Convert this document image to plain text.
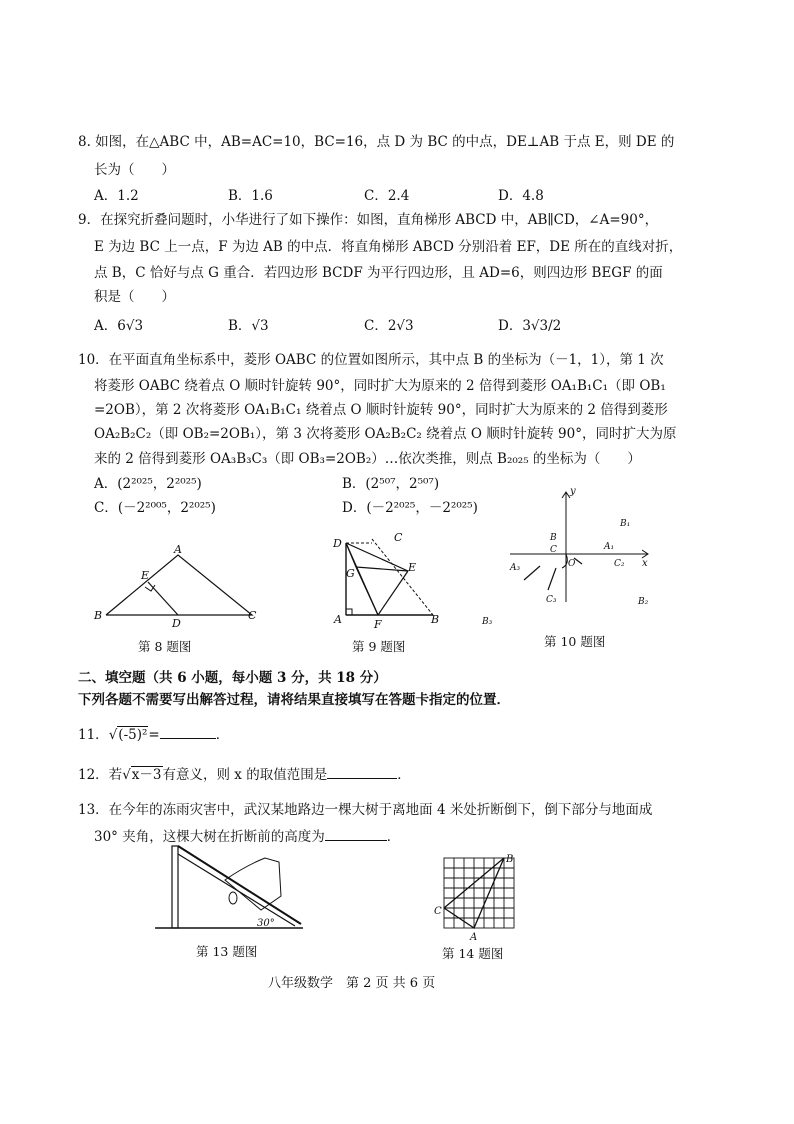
8. 如图，在△ABC 中，AB=AC=10，BC=16，点 D 为 BC 的中点，DE⊥AB 于点 E，则 DE 的
长为（　　）
A．1.2	B．1.6	C．2.4	D．4.8
9．在探究折叠问题时，小华进行了如下操作：如图，直角梯形 ABCD 中，AB∥CD，∠A=90°，
E 为边 BC 上一点，F 为边 AB 的中点．将直角梯形 ABCD 分别沿着 EF，DE 所在的直线对折，
点 B，C 恰好与点 G 重合．若四边形 BCDF 为平行四边形，且 AD=6，则四边形 BEGF 的面
积是（　　）
A．6√3	B．√3	C．2√3	D．3√3/2
10．在平面直角坐标系中，菱形 OABC 的位置如图所示，其中点 B 的坐标为（－1，1），第 1 次
将菱形 OABC 绕着点 O 顺时针旋转 90°，同时扩大为原来的 2 倍得到菱形 OA₁B₁C₁（即 OB₁
=2OB），第 2 次将菱形 OA₁B₁C₁ 绕着点 O 顺时针旋转 90°，同时扩大为原来的 2 倍得到菱形
OA₂B₂C₂（即 OB₂=2OB₁），第 3 次将菱形 OA₂B₂C₂ 绕着点 O 顺时针旋转 90°，同时扩大为原
来的 2 倍得到菱形 OA₃B₃C₃（即 OB₃=2OB₂）…依次类推，则点 B₂₀₂₅ 的坐标为（　　）
A．(2²⁰²⁵，2²⁰²⁵)	B．(2⁵⁰⁷，2⁵⁰⁷)
C．(－2²⁰⁰⁵，2²⁰²⁵)	D．(－2²⁰²⁵，－2²⁰²⁵)
A
B	C
D
E
第 8 题图
A	B
C
D
E
F
G
第 9 题图
y
x
B
C	A₁
B₁
C₂
A₃
C₃	B₂
B₃
O
第 10 题图
二、填空题（共 6 小题，每小题 3 分，共 18 分）
下列各题不需要写出解答过程，请将结果直接填写在答题卡指定的位置．
11．√(-5)²=	．
12．若√x－3有意义，则 x 的取值范围是	．
13．在今年的冻雨灾害中，武汉某地路边一棵大树于离地面 4 米处折断倒下，倒下部分与地面成
30° 夹角，这棵大树在折断前的高度为	．
30°
第 13 题图
A
B
C
第 14 题图
八年级数学　第 2 页 共 6 页
